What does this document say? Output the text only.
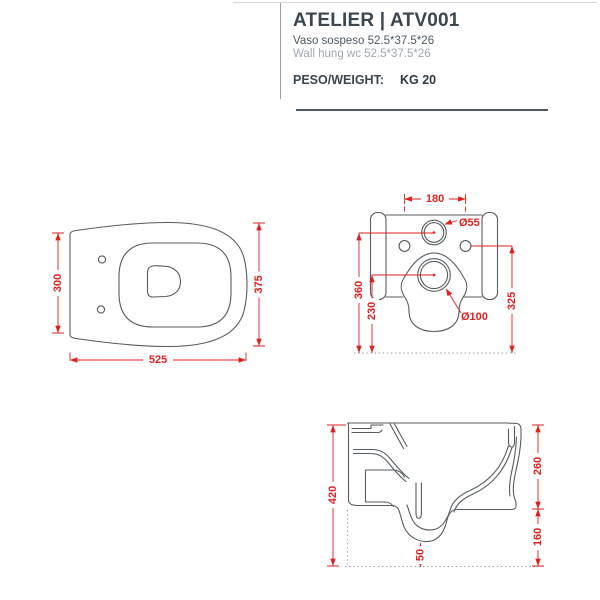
ATELIER | ATV001
Vaso sospeso 52.5*37.5*26
Wall hung wc 52.5*37.5*26
PESO/WEIGHT: KG 20
300	375
525
180
Ø55
Ø100
360
230
325
420
260
160
50
